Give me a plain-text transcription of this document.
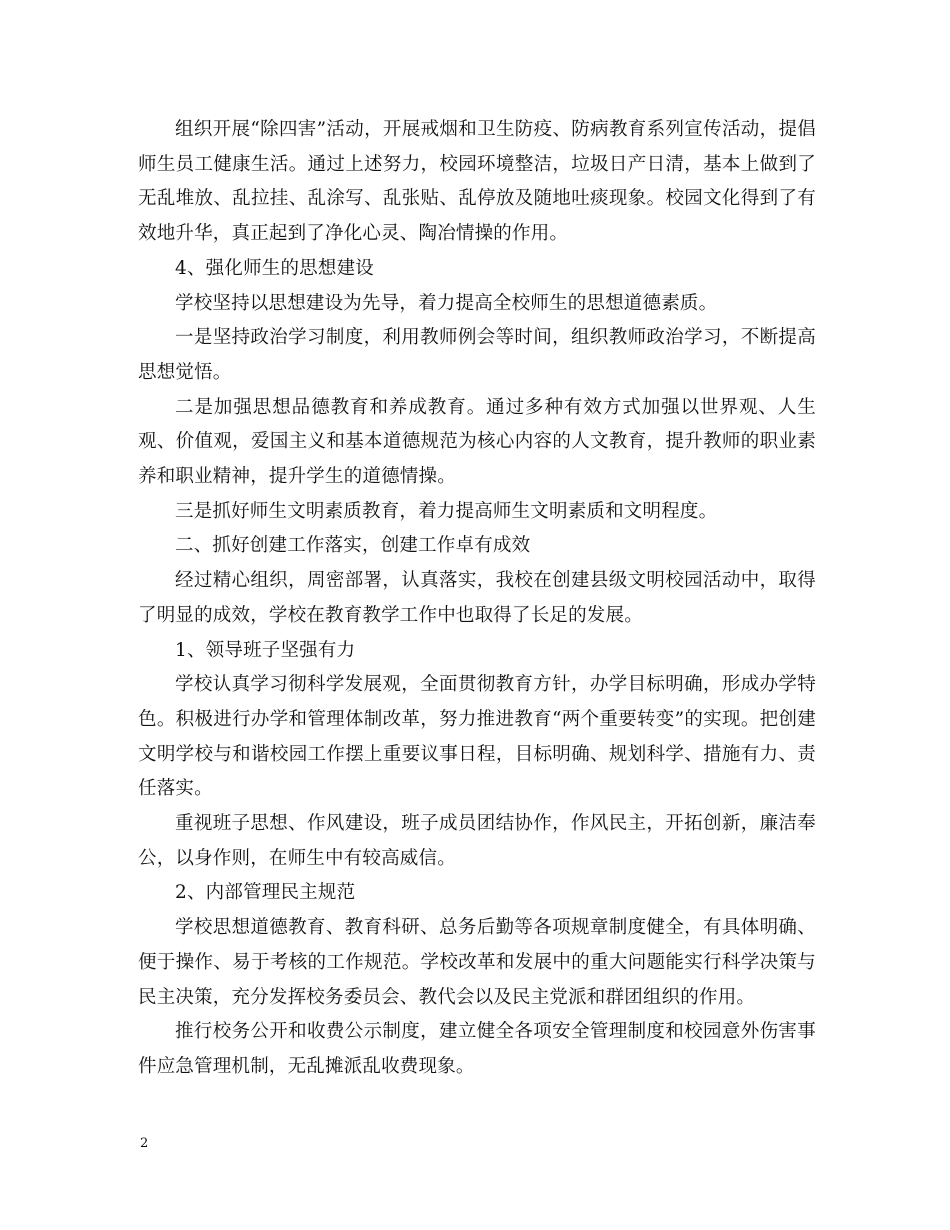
组织开展“除四害”活动，开展戒烟和卫生防疫、防病教育系列宣传活动，提倡师生员工健康生活。通过上述努力，校园环境整洁，垃圾日产日清，基本上做到了无乱堆放、乱拉挂、乱涂写、乱张贴、乱停放及随地吐痰现象。校园文化得到了有效地升华，真正起到了净化心灵、陶冶情操的作用。

4、强化师生的思想建设

学校坚持以思想建设为先导，着力提高全校师生的思想道德素质。

一是坚持政治学习制度，利用教师例会等时间，组织教师政治学习，不断提高思想觉悟。

二是加强思想品德教育和养成教育。通过多种有效方式加强以世界观、人生观、价值观，爱国主义和基本道德规范为核心内容的人文教育，提升教师的职业素养和职业精神，提升学生的道德情操。

三是抓好师生文明素质教育，着力提高师生文明素质和文明程度。

二、抓好创建工作落实，创建工作卓有成效

经过精心组织，周密部署，认真落实，我校在创建县级文明校园活动中，取得了明显的成效，学校在教育教学工作中也取得了长足的发展。

1、领导班子坚强有力

学校认真学习彻科学发展观，全面贯彻教育方针，办学目标明确，形成办学特色。积极进行办学和管理体制改革，努力推进教育“两个重要转变”的实现。把创建文明学校与和谐校园工作摆上重要议事日程，目标明确、规划科学、措施有力、责任落实。

重视班子思想、作风建设，班子成员团结协作，作风民主，开拓创新，廉洁奉公，以身作则，在师生中有较高威信。

2、内部管理民主规范

学校思想道德教育、教育科研、总务后勤等各项规章制度健全，有具体明确、便于操作、易于考核的工作规范。学校改革和发展中的重大问题能实行科学决策与民主决策，充分发挥校务委员会、教代会以及民主党派和群团组织的作用。

推行校务公开和收费公示制度，建立健全各项安全管理制度和校园意外伤害事件应急管理机制，无乱摊派乱收费现象。

2
